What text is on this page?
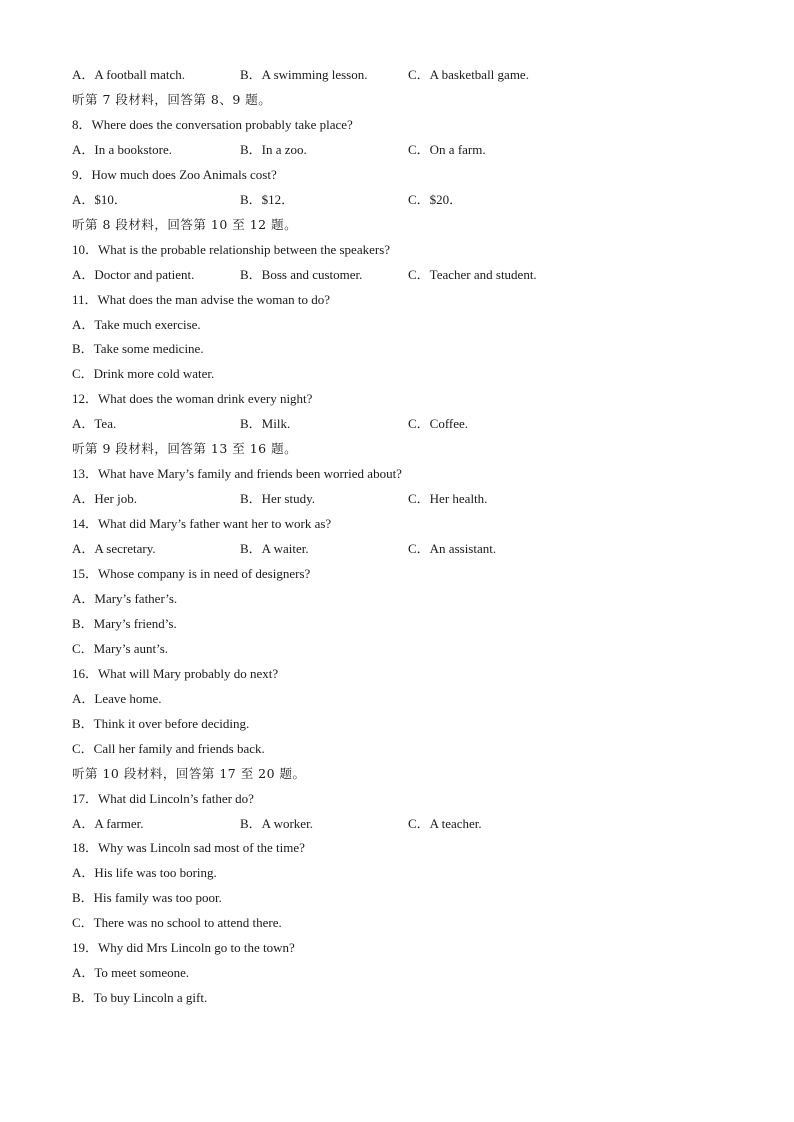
A．A football match.	B．A swimming lesson.	C．A basketball game.
听第 7 段材料，回答第 8、9 题。
8．Where does the conversation probably take place?
A．In a bookstore.	B．In a zoo.	C．On a farm.
9．How much does Zoo Animals cost?
A．$10．	B．$12．	C．$20．
听第 8 段材料，回答第 10 至 12 题。
10．What is the probable relationship between the speakers?
A．Doctor and patient.	B．Boss and customer.	C．Teacher and student.
11．What does the man advise the woman to do?
A．Take much exercise.
B．Take some medicine.
C．Drink more cold water.
12．What does the woman drink every night?
A．Tea.	B．Milk.	C．Coffee.
听第 9 段材料，回答第 13 至 16 题。
13．What have Mary’s family and friends been worried about?
A．Her job.	B．Her study.	C．Her health.
14．What did Mary’s father want her to work as?
A．A secretary.	B．A waiter.	C．An assistant.
15．Whose company is in need of designers?
A．Mary’s father’s.
B．Mary’s friend’s.
C．Mary’s aunt’s.
16．What will Mary probably do next?
A．Leave home.
B．Think it over before deciding.
C．Call her family and friends back.
听第 10 段材料，回答第 17 至 20 题。
17．What did Lincoln’s father do?
A．A farmer.	B．A worker.	C．A teacher.
18．Why was Lincoln sad most of the time?
A．His life was too boring.
B．His family was too poor.
C．There was no school to attend there.
19．Why did Mrs Lincoln go to the town?
A．To meet someone.
B．To buy Lincoln a gift.
